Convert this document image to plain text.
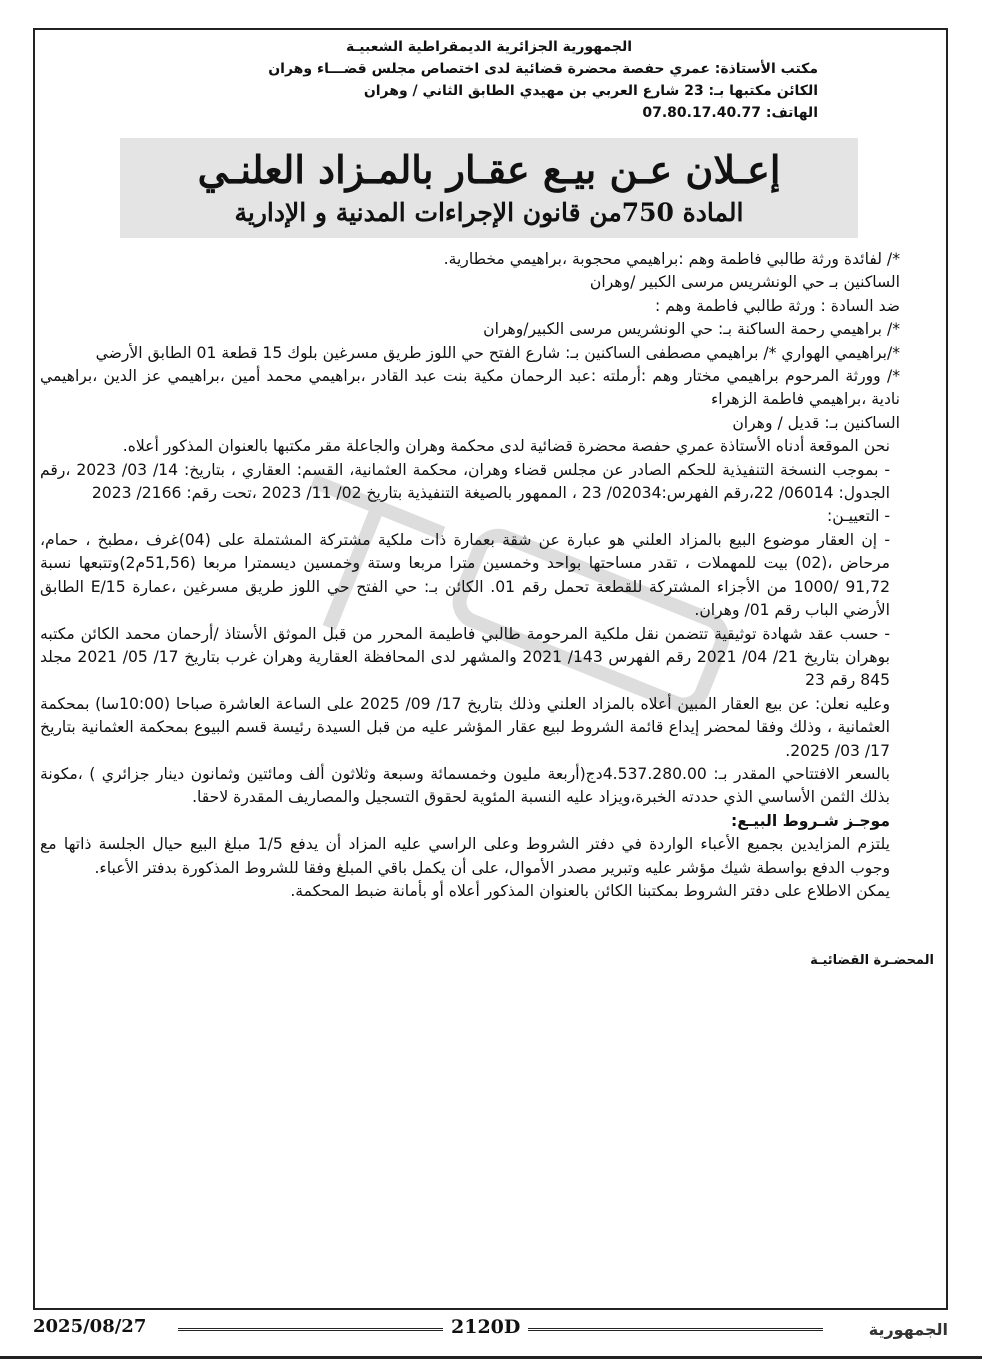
الجمهورية الجزائرية الديمقراطية الشعبيـة
مكتب الأستاذة: عمري حفصة محضرة قضائية لدى اختصاص مجلس قضـــاء وهران
الكائن مكتبها بـ: 23 شارع العربي بن مهيدي الطابق الثاني / وهران
الهاتف: 07.80.17.40.77
إعـلان عـن بيـع عقـار بالمـزاد العلنـي
المادة 750من قانون الإجراءات المدنية و الإدارية

*/ لفائدة ورثة طالبي فاطمة وهم :براهيمي محجوبة ،براهيمي مخطارية.

الساكنين بـ حي الونشريس مرسى الكبير /وهران

ضد السادة : ورثة طالبي فاطمة وهم :

*/ براهيمي رحمة الساكنة بـ: حي الونشريس مرسى الكبير/وهران

*/براهيمي الهواري */ براهيمي مصطفى الساكنين بـ: شارع الفتح حي اللوز طريق مسرغين بلوك 15 قطعة 01 الطابق الأرضي

*/ وورثة المرحوم براهيمي مختار وهم :أرملته :عبد الرحمان مكية بنت عبد القادر ،براهيمي محمد أمين ،براهيمي عز الدين ،براهيمي نادية ،براهيمي فاطمة الزهراء

الساكنين بـ: قديل / وهران

نحن الموقعة أدناه الأستاذة عمري حفصة محضرة قضائية لدى محكمة وهران والجاعلة مقر مكتبها بالعنوان المذكور أعلاه.

- بموجب النسخة التنفيذية للحكم الصادر عن مجلس قضاء وهران، محكمة العثمانية، القسم: العقاري ، بتاريخ: 14/ 03/ 2023 ،رقم الجدول: 06014/ 22،رقم الفهرس:02034/ 23 ، الممهور بالصيغة التنفيذية بتاريخ 02/ 11/ 2023 ،تحت رقم: 2166/ 2023

- التعييـن:

- إن العقار موضوع البيع بالمزاد العلني هو عبارة عن شقة بعمارة ذات ملكية مشتركة المشتملة على (04)غرف ،مطبخ ، حمام، مرحاض ،(02) بيت للمهملات ، تقدر مساحتها بواحد وخمسين مترا مربعا وستة وخمسين ديسمترا مربعا (51,56م2)وتتبعها نسبة 91,72 /1000 من الأجزاء المشتركة للقطعة تحمل رقم 01. الكائن بـ: حي الفتح حي اللوز طريق مسرغين ،عمارة E/15 الطابق الأرضي الباب رقم 01/ وهران.

- حسب عقد شهادة توثيقية تتضمن نقل ملكية المرحومة طالبي فاطيمة المحرر من قبل الموثق الأستاذ /أرحمان محمد الكائن مكتبه بوهران بتاريخ 21/ 04/ 2021 رقم الفهرس 143/ 2021 والمشهر لدى المحافظة العقارية وهران غرب بتاريخ 17/ 05/ 2021 مجلد 845 رقم 23

وعليه نعلن: عن بيع العقار المبين أعلاه بالمزاد العلني وذلك بتاريخ 17/ 09/ 2025 على الساعة العاشرة صباحا (10:00سا) بمحكمة العثمانية ، وذلك وفقا لمحضر إيداع قائمة الشروط لبيع عقار المؤشر عليه من قبل السيدة رئيسة قسم البيوع بمحكمة العثمانية بتاريخ 17/ 03/ 2025.

بالسعر الافتتاحي المقدر بـ: 4.537.280.00دج(أربعة مليون وخمسمائة وسبعة وثلاثون ألف ومائتين وثمانون دينار جزائري ) ،مكونة بذلك الثمن الأساسي الذي حددته الخبرة،ويزاد عليه النسبة المئوية لحقوق التسجيل والمصاريف المقدرة لاحقا.

موجـز شـروط البيـع:

يلتزم المزايدين بجميع الأعباء الواردة في دفتر الشروط وعلى الراسي عليه المزاد أن يدفع 1/5 مبلغ البيع حيال الجلسة ذاتها مع وجوب الدفع بواسطة شيك مؤشر عليه وتبرير مصدر الأموال، على أن يكمل باقي المبلغ وفقا للشروط المذكورة بدفتر الأعباء.

يمكن الاطلاع على دفتر الشروط بمكتبنا الكائن بالعنوان المذكور أعلاه أو بأمانة ضبط المحكمة.

المحضـرة القضائيـة
2025/08/27	2120D	الجمهورية
